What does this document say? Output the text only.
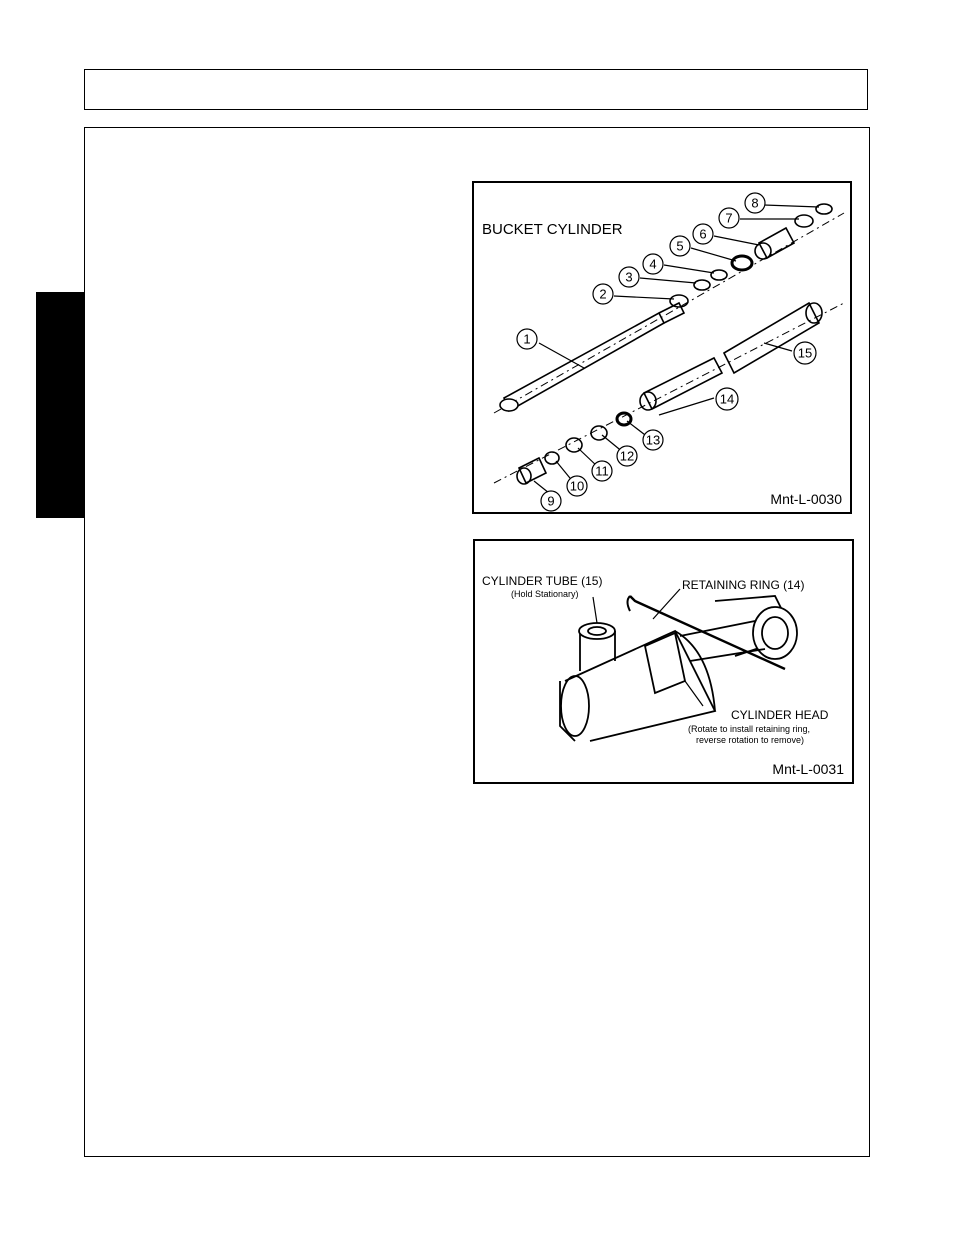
1
2
3
4
5
6
7
8
9
10
11
12
13
14
15
BUCKET CYLINDER
Mnt-L-0030
CYLINDER TUBE (15)
(Hold Stationary)
RETAINING RING (14)
CYLINDER HEAD
(Rotate to install retaining ring,
reverse rotation to remove)
Mnt-L-0031
